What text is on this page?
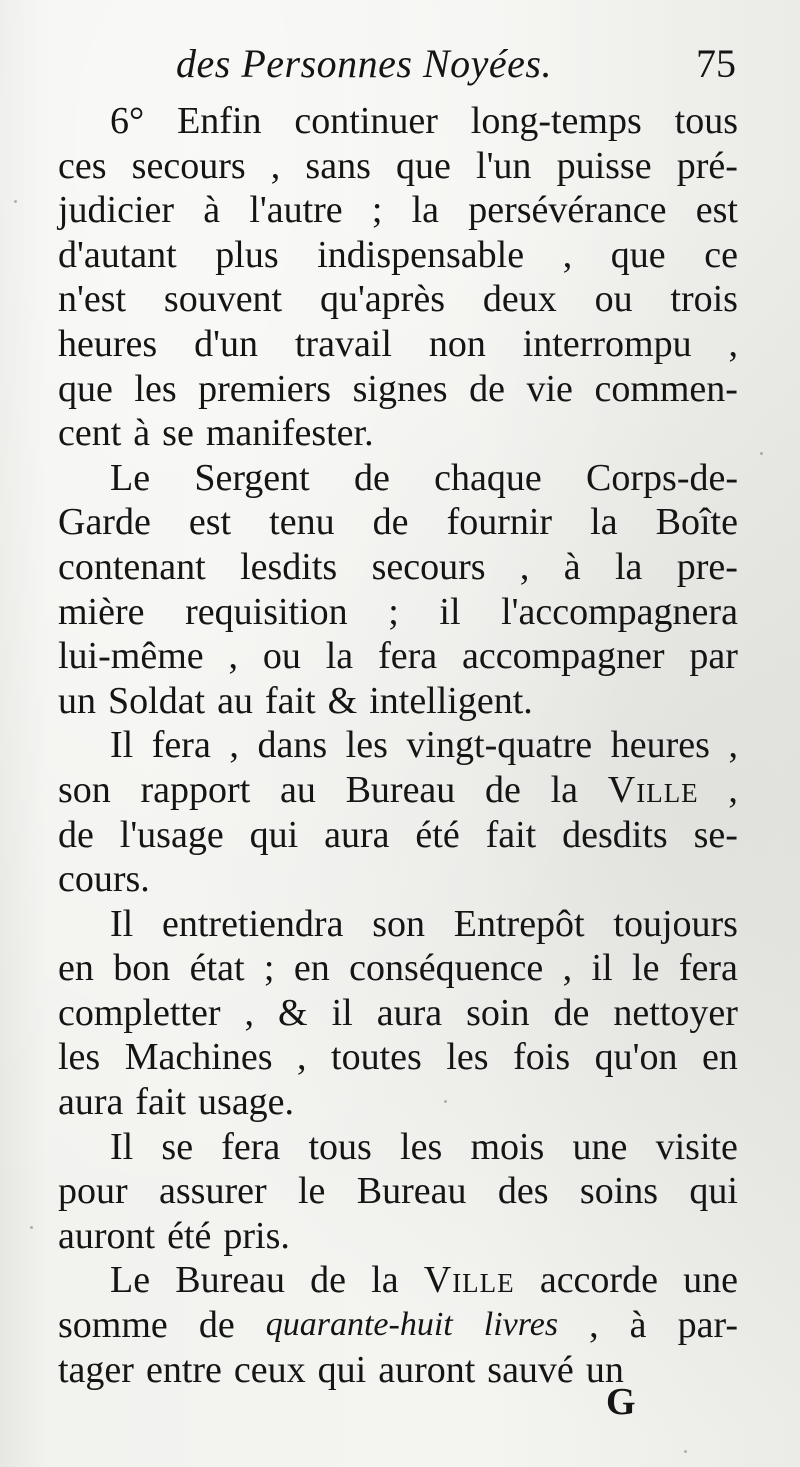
des Personnes Noyées.	75
6° Enfin continuer long-temps tous
ces secours , sans que l'un puisse pré-
judicier à l'autre ; la persévérance est
d'autant plus indispensable , que ce
n'est souvent qu'après deux ou trois
heures d'un travail non interrompu ,
que les premiers signes de vie commen-
cent à se manifester.
Le Sergent de chaque Corps-de-
Garde est tenu de fournir la Boîte
contenant lesdits secours , à la pre-
mière requisition ; il l'accompagnera
lui-même , ou la fera accompagner par
un Soldat au fait & intelligent.
Il fera , dans les vingt-quatre heures ,
son rapport au Bureau de la Ville ,
de l'usage qui aura été fait desdits se-
cours.
Il entretiendra son Entrepôt toujours
en bon état ; en conséquence , il le fera
completter , & il aura soin de nettoyer
les Machines , toutes les fois qu'on en
aura fait usage.
Il se fera tous les mois une visite
pour assurer le Bureau des soins qui
auront été pris.
Le Bureau de la Ville accorde une
somme de quarante-huit livres , à par-
tager entre ceux qui auront sauvé un
G
